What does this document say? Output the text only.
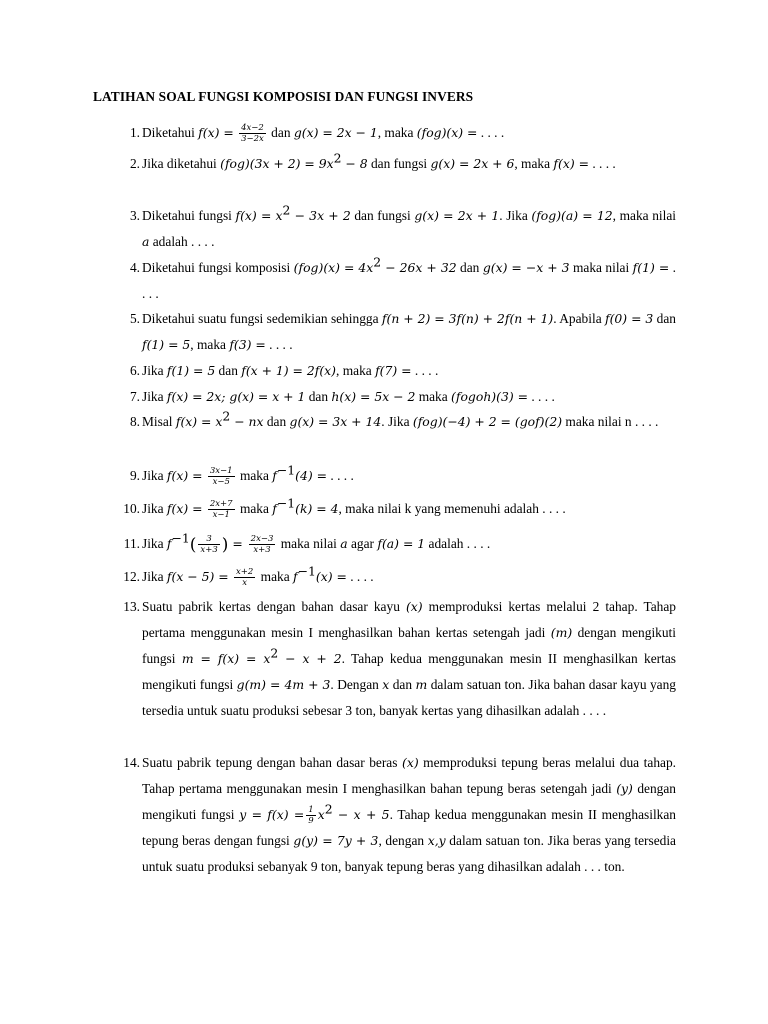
LATIHAN SOAL FUNGSI KOMPOSISI DAN FUNGSI INVERS
1. Diketahui $f(x) = \frac{4x-2}{3-2x}$ dan g(x) = 2x − 1, maka (fog)(x) = . . . .
2. Jika diketahui $(fog)(3x + 2) = 9x^2 - 8$ dan fungsi g(x) = 2x + 6, maka f(x) = . . . .
3. Diketahui fungsi $f(x) = x^2 - 3x + 2$ dan fungsi g(x) = 2x + 1. Jika (fog)(a) = 12, maka nilai a adalah . . . .
4. Diketahui fungsi komposisi $(fog)(x) = 4x^2 - 26x + 32$ dan g(x) = −x + 3 maka nilai f(1) = . . . .
5. Diketahui suatu fungsi sedemikian sehingga f(n + 2) = 3f(n) + 2f(n + 1). Apabila f(0) = 3 dan f(1) = 5, maka f(3) = . . . .
6. Jika f(1) = 5 dan f(x + 1) = 2f(x), maka f(7) = . . . .
7. Jika f(x) = 2x; g(x) = x + 1 dan h(x) = 5x − 2 maka (fogoh)(3) = . . . .
8. Misal $f(x) = x^2$ − nx dan g(x) = 3x + 14. Jika (fog)(−4) + 2 = (gof)(2) maka nilai n . . . .
9. Jika $f(x) = \frac{3x-1}{x-5}$ maka $f^{-1}(4)$ = . . . .
10. Jika $f(x) = \frac{2x+7}{x-1}$ maka $f^{-1}(k) = 4$, maka nilai k yang memenuhi adalah . . . .
11. Jika $f^{-1}( \frac{3}{x+3}$ ) = $\frac{2x-3}{x+3}$ maka nilai a agar f(a) = 1 adalah . . . .
12. Jika $f(x - 5) = \frac{x+2}{x}$ maka $f^{-1}(x)$ = . . . .
13. Suatu pabrik kertas dengan bahan dasar kayu (x) memproduksi kertas melalui 2 tahap. Tahap pertama menggunakan mesin I menghasilkan bahan kertas setengah jadi (m) dengan mengikuti fungsi $m = f(x) = x^2 - x + 2$. Tahap kedua menggunakan mesin II menghasilkan kertas mengikuti fungsi g(m) = 4m + 3. Dengan x dan m dalam satuan ton. Jika bahan dasar kayu yang tersedia untuk suatu produksi sebesar 3 ton, banyak kertas yang dihasilkan adalah . . . .
14. Suatu pabrik tepung dengan bahan dasar beras (x) memproduksi tepung beras melalui dua tahap. Tahap pertama menggunakan mesin I menghasilkan bahan tepung beras setengah jadi (y) dengan mengikuti fungsi $y = f(x) = \frac{1}{9} x^2 - x + 5$. Tahap kedua menggunakan mesin II menghasilkan tepung beras dengan fungsi g(y) = 7y + 3, dengan x,y dalam satuan ton. Jika beras yang tersedia untuk suatu produksi sebanyak 9 ton, banyak tepung beras yang dihasilkan adalah . . . ton.
